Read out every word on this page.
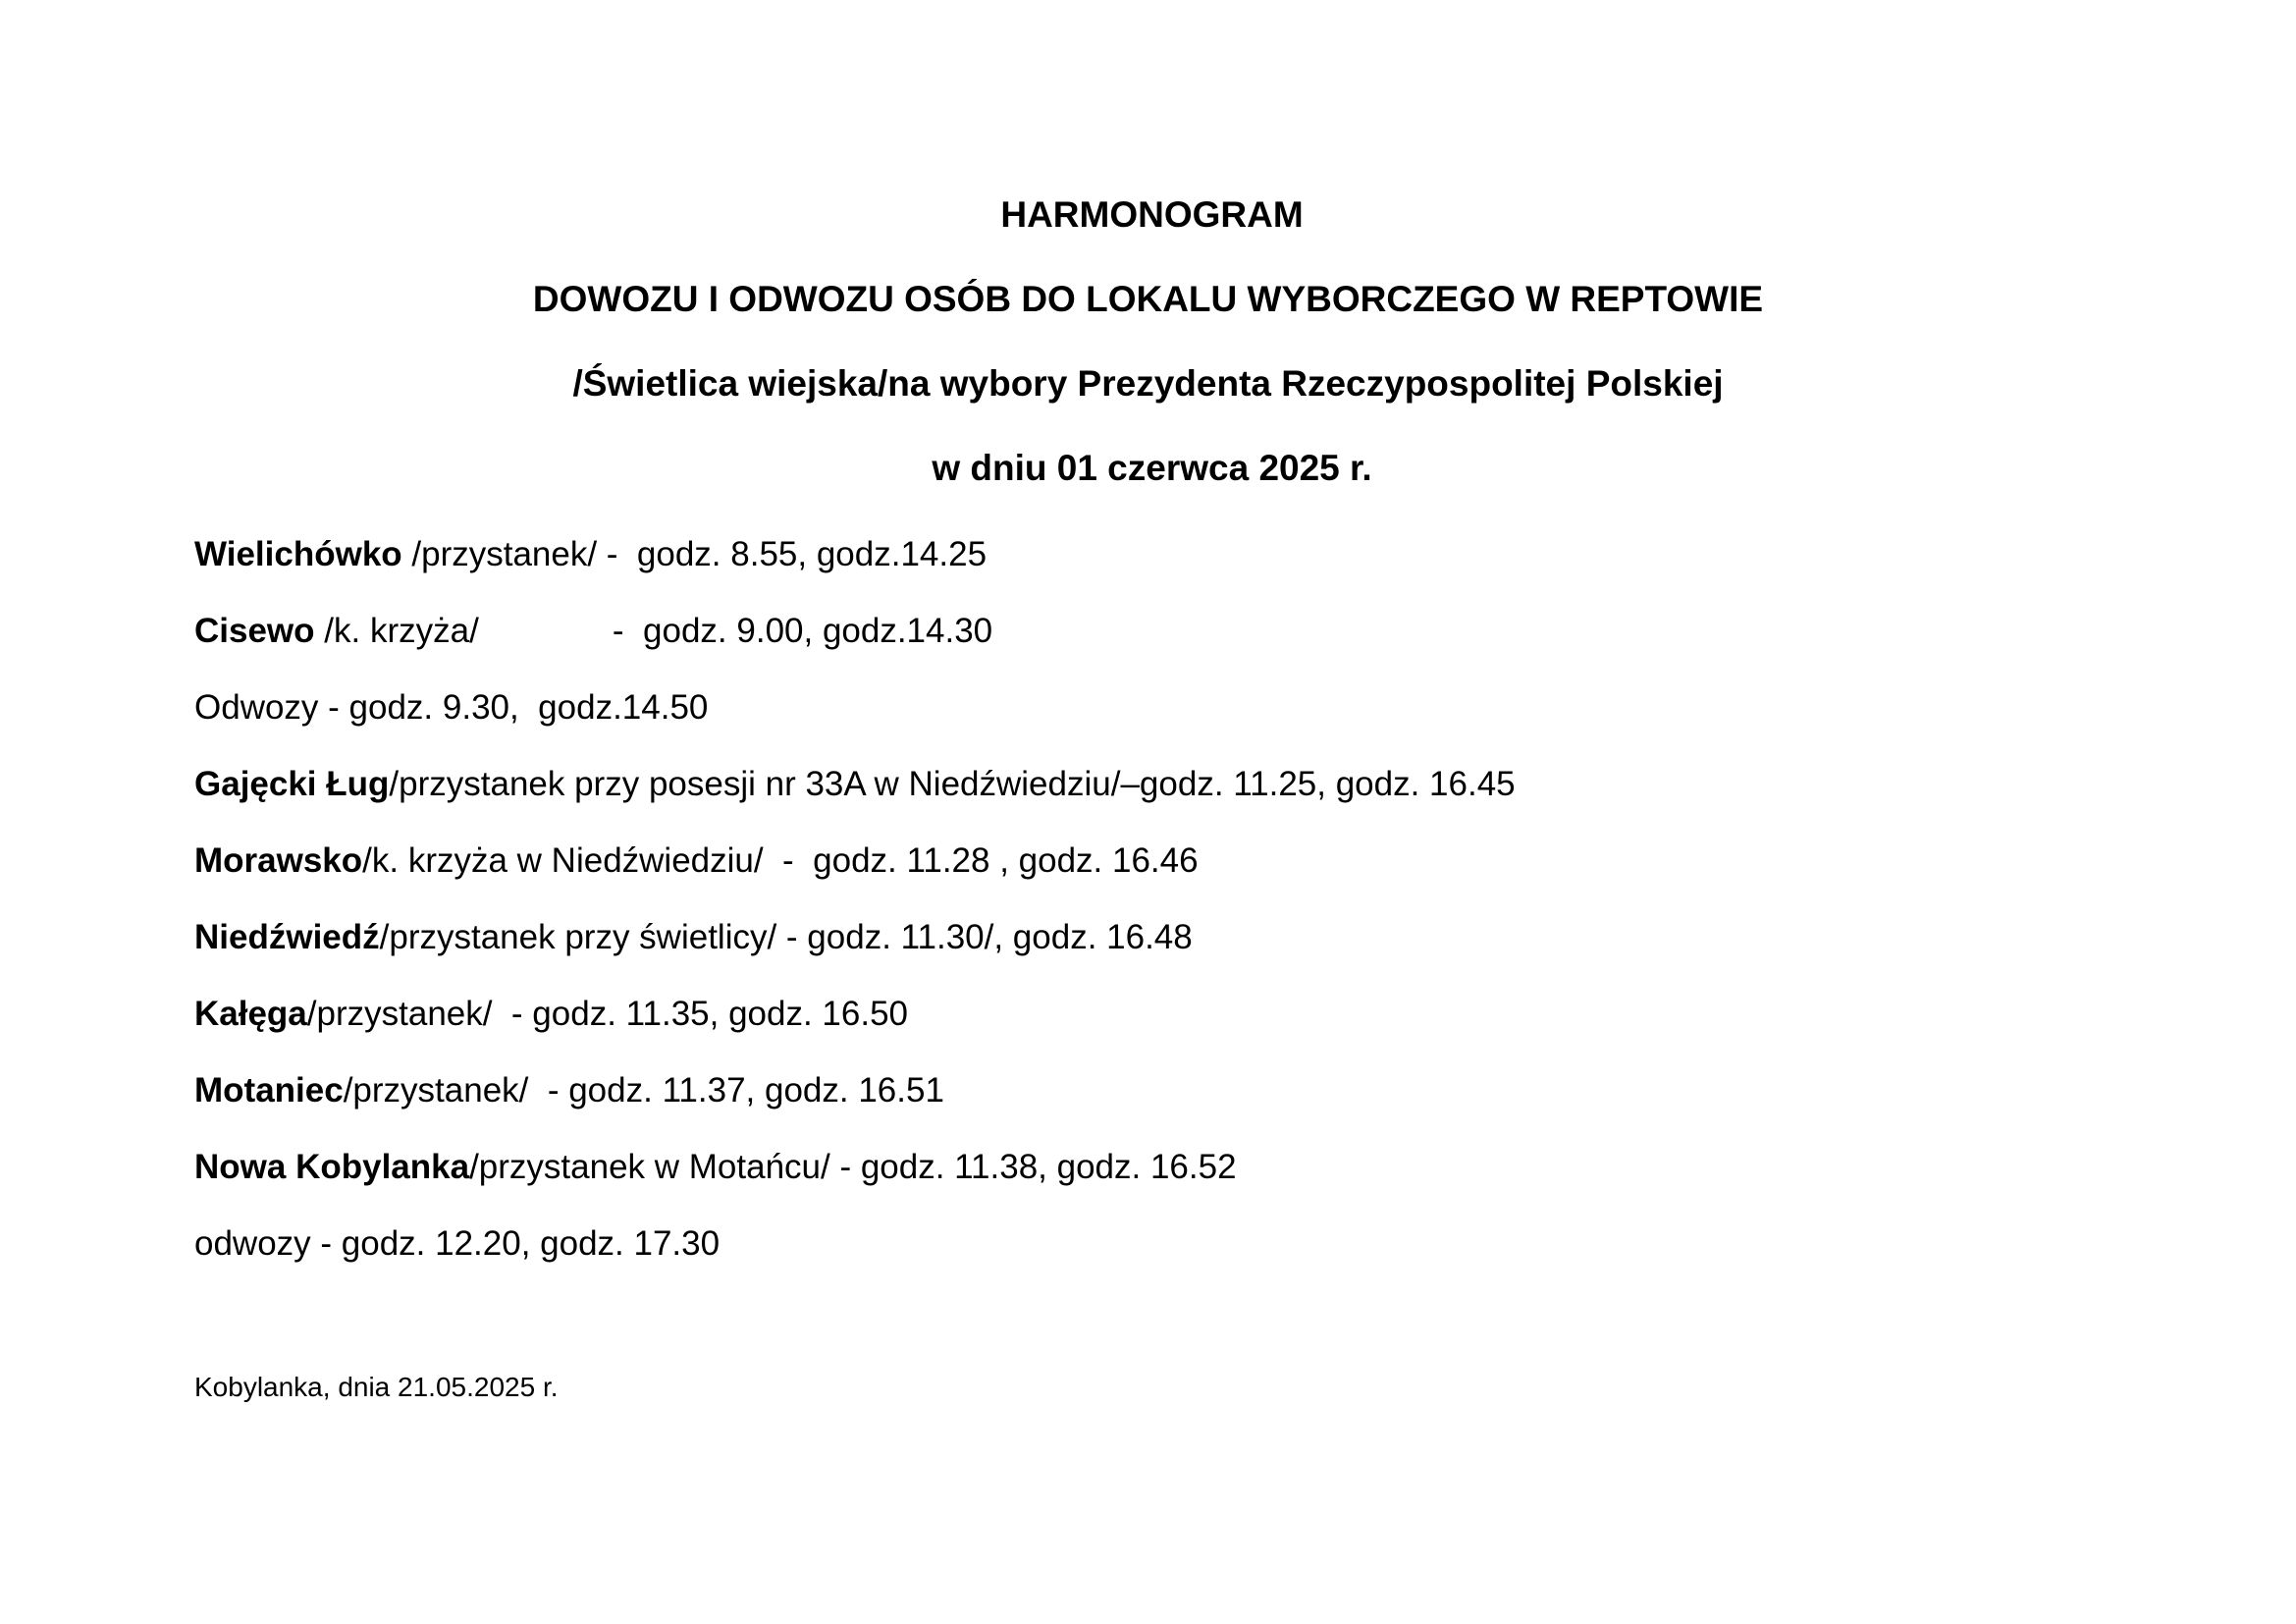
HARMONOGRAM
DOWOZU I ODWOZU OSÓB DO LOKALU WYBORCZEGO W REPTOWIE
/Świetlica wiejska/na wybory Prezydenta Rzeczypospolitej Polskiej
w dniu 01 czerwca 2025 r.
Wielichówko /przystanek/ -  godz. 8.55, godz.14.25
Cisewo /k. krzyża/              -  godz. 9.00, godz.14.30
Odwozy - godz. 9.30,  godz.14.50
Gajęcki Ług/przystanek przy posesji nr 33A w Niedźwiedziu/–godz. 11.25, godz. 16.45
Morawsko/k. krzyża w Niedźwiedziu/  -  godz. 11.28 , godz. 16.46
Niedźwiedź/przystanek przy świetlicy/ - godz. 11.30/, godz. 16.48
Kałęga/przystanek/  - godz. 11.35, godz. 16.50
Motaniec/przystanek/  - godz. 11.37, godz. 16.51
Nowa Kobylanka/przystanek w Motańcu/ - godz. 11.38, godz. 16.52
odwozy - godz. 12.20, godz. 17.30
Kobylanka, dnia 21.05.2025 r.
